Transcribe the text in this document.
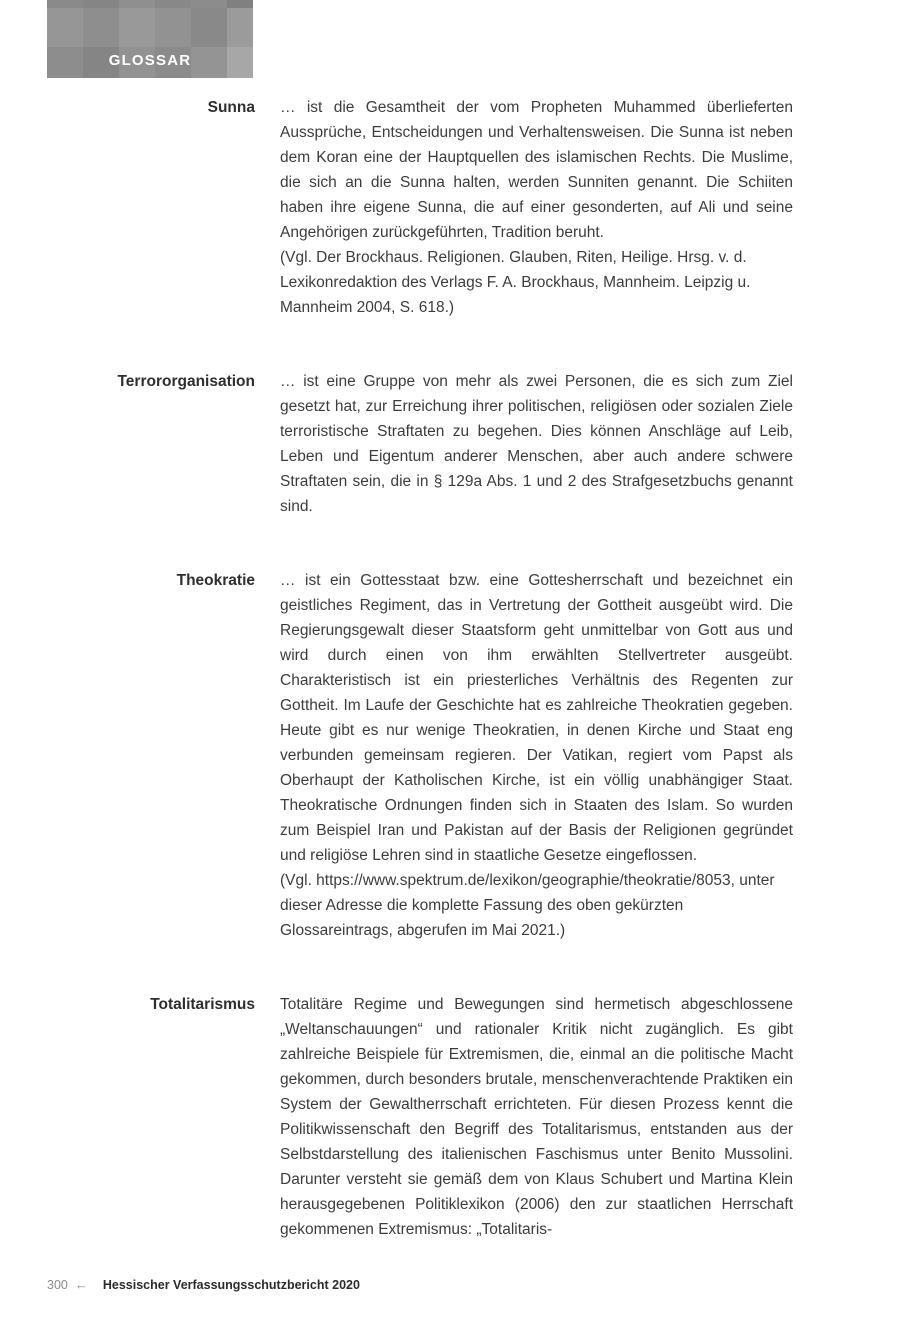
GLOSSAR
Sunna … ist die Gesamtheit der vom Propheten Muhammed überlieferten Aussprüche, Entscheidungen und Verhaltensweisen. Die Sunna ist neben dem Koran eine der Hauptquellen des islamischen Rechts. Die Muslime, die sich an die Sunna halten, werden Sunniten genannt. Die Schiiten haben ihre eigene Sunna, die auf einer gesonderten, auf Ali und seine Angehörigen zurückgeführten, Tradition beruht.
(Vgl. Der Brockhaus. Religionen. Glauben, Riten, Heilige. Hrsg. v. d. Lexikonredaktion des Verlags F. A. Brockhaus, Mannheim. Leipzig u. Mannheim 2004, S. 618.)
Terrororganisation … ist eine Gruppe von mehr als zwei Personen, die es sich zum Ziel gesetzt hat, zur Erreichung ihrer politischen, religiösen oder sozialen Ziele terroristische Straftaten zu begehen. Dies können Anschläge auf Leib, Leben und Eigentum anderer Menschen, aber auch andere schwere Straftaten sein, die in § 129a Abs. 1 und 2 des Strafgesetzbuchs genannt sind.
Theokratie … ist ein Gottesstaat bzw. eine Gottesherrschaft und bezeichnet ein geistliches Regiment, das in Vertretung der Gottheit ausgeübt wird. Die Regierungsgewalt dieser Staatsform geht unmittelbar von Gott aus und wird durch einen von ihm erwählten Stellvertreter ausgeübt. Charakteristisch ist ein priesterliches Verhältnis des Regenten zur Gottheit. Im Laufe der Geschichte hat es zahlreiche Theokratien gegeben. Heute gibt es nur wenige Theokratien, in denen Kirche und Staat eng verbunden gemeinsam regieren. Der Vatikan, regiert vom Papst als Oberhaupt der Katholischen Kirche, ist ein völlig unabhängiger Staat. Theokratische Ordnungen finden sich in Staaten des Islam. So wurden zum Beispiel Iran und Pakistan auf der Basis der Religionen gegründet und religiöse Lehren sind in staatliche Gesetze eingeflossen.
(Vgl. https://www.spektrum.de/lexikon/geographie/theokratie/8053, unter dieser Adresse die komplette Fassung des oben gekürzten Glossareintrags, abgerufen im Mai 2021.)
Totalitarismus Totalitäre Regime und Bewegungen sind hermetisch abgeschlossene „Weltanschauungen“ und rationaler Kritik nicht zugänglich. Es gibt zahlreiche Beispiele für Extremismen, die, einmal an die politische Macht gekommen, durch besonders brutale, menschenverachtende Praktiken ein System der Gewaltherrschaft errichteten. Für diesen Prozess kennt die Politikwissenschaft den Begriff des Totalitarismus, entstanden aus der Selbstdarstellung des italienischen Faschismus unter Benito Mussolini. Darunter versteht sie gemäß dem von Klaus Schubert und Martina Klein herausgegebenen Politiklexikon (2006) den zur staatlichen Herrschaft gekommenen Extremismus: „Totalitaris-
300 ← Hessischer Verfassungsschutzbericht 2020
